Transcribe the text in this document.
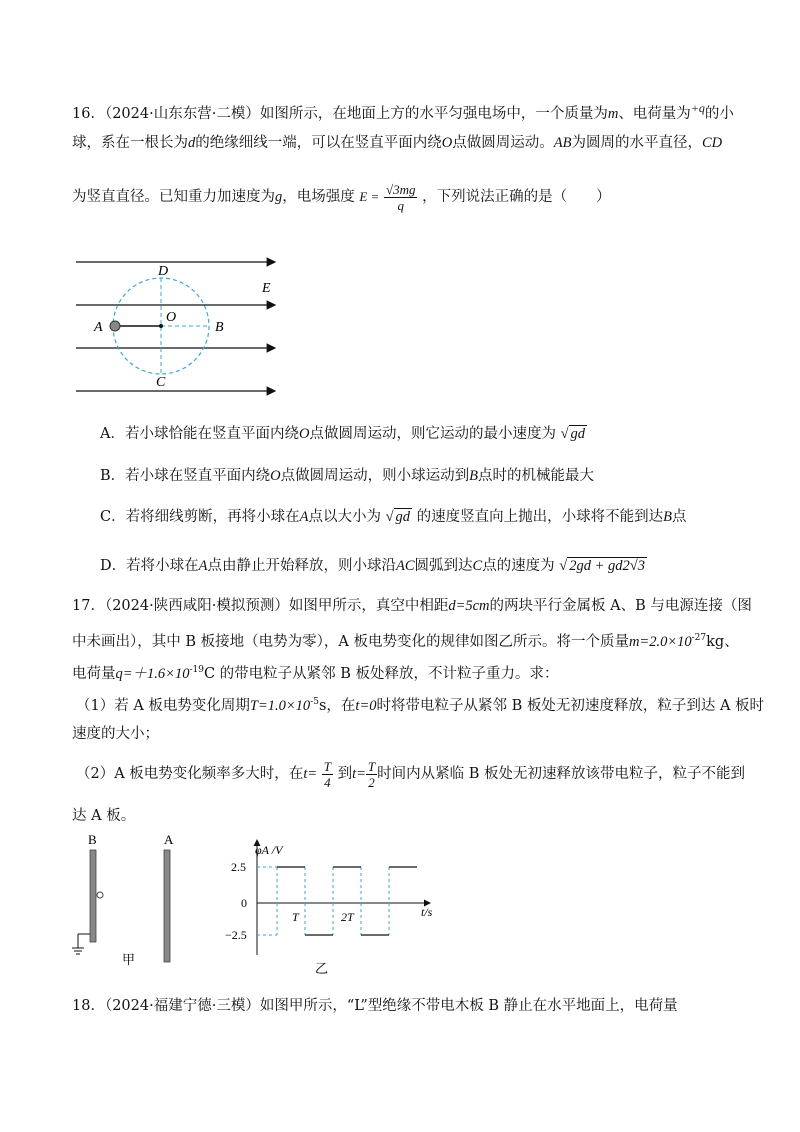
16．（2024·山东东营·二模）如图所示，在地面上方的水平匀强电场中，一个质量为m、电荷量为$^{+q}$的小
球，系在一根长为d的绝缘细线一端，可以在竖直平面内绕O点做圆周运动。AB为圆周的水平直径，CD
为竖直直径。已知重力加速度为g，电场强度 $E = \frac{√3mg}{q}$ ，下列说法正确的是（　　）
D
E
A
O
B
C
A．若小球恰能在竖直平面内绕O点做圆周运动，则它运动的最小速度为 √ gd
B．若小球在竖直平面内绕O点做圆周运动，则小球运动到B点时的机械能最大
C．若将细线剪断，再将小球在A点以大小为 √ gd 的速度竖直向上抛出，小球将不能到达B点
D．若将小球在A点由静止开始释放，则小球沿AC圆弧到达C点的速度为 √ 2gd + gd2√3
17．（2024·陕西咸阳·模拟预测）如图甲所示，真空中相距d=5cm的两块平行金属板 A、B 与电源连接（图
中未画出），其中 B 板接地（电势为零），A 板电势变化的规律如图乙所示。将一个质量$m=2.0\times 10^{-27}kg$、
电荷量$q=+1.6\times 10^{-19}C$ 的带电粒子从紧邻 B 板处释放，不计粒子重力。求：
（1）若 A 板电势变化周期$T=1.0\times 10^{-5}s$，在t=0时将带电粒子从紧邻 B 板处无初速度释放，粒子到达 A 板时
速度的大小；
（2）A 板电势变化频率多大时，在$t= \frac{T}{4}$ 到$t= \frac{T}{2}$ 时间内从紧临 B 板处无初速释放该带电粒子，粒子不能到
达 A 板。
B	A
甲
φA /V
2.5
0
−2.5
t/s
T	2T
乙
18．（2024·福建宁德·三模）如图甲所示，“L”型绝缘不带电木板 B 静止在水平地面上，电荷量
